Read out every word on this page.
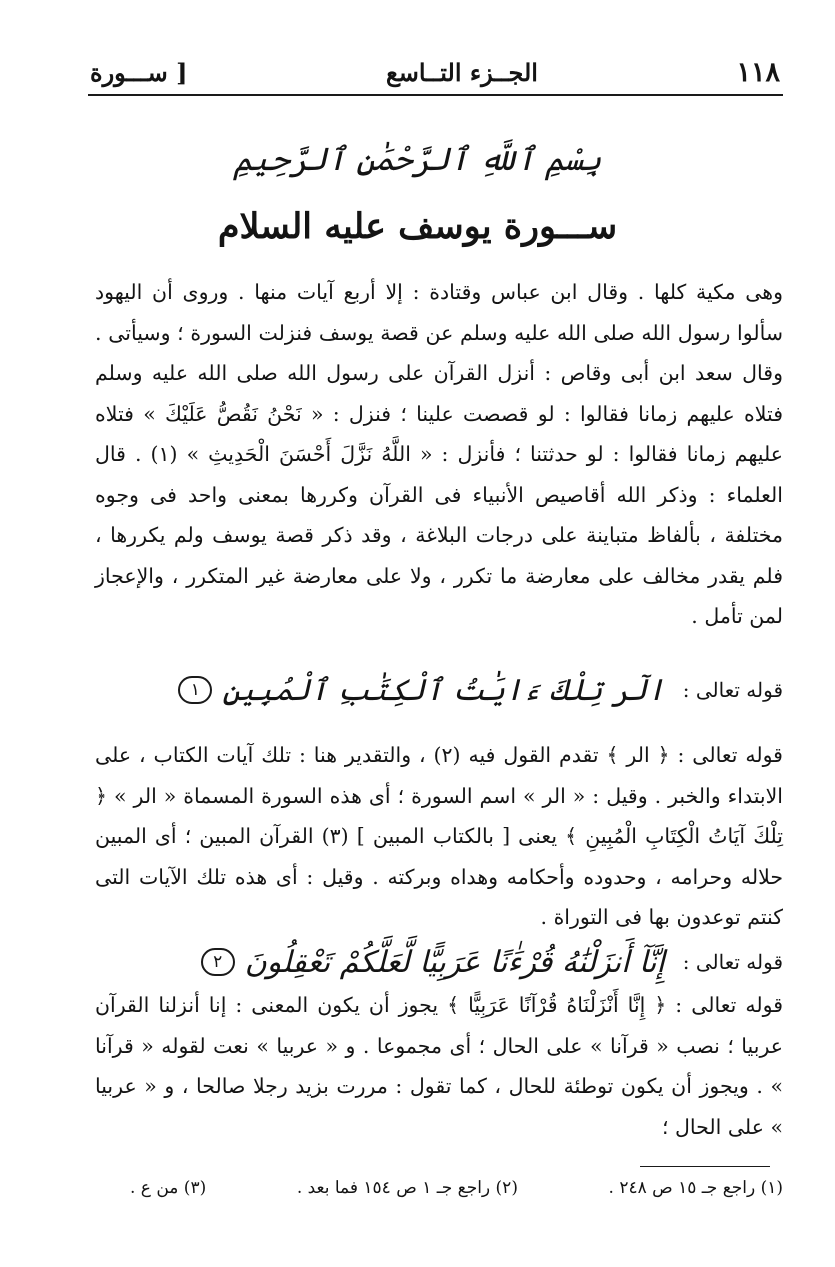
١١٨
الجــزء التــاسع
[ ســـورة
بِسْمِ ٱللَّهِ ٱلرَّحْمَٰنِ ٱلرَّحِيمِ
ســـورة يوسف عليه السلام
وهى مكية كلها . وقال ابن عباس وقتادة : إلا أربع آيات منها . وروى أن اليهود سألوا رسول الله صلى الله عليه وسلم عن قصة يوسف فنزلت السورة ؛ وسيأتى . وقال سعد ابن أبى وقاص : أنزل القرآن على رسول الله صلى الله عليه وسلم فتلاه عليهم زمانا فقالوا : لو قصصت علينا ؛ فنزل : « نَحْنُ نَقُصُّ عَلَيْكَ » فتلاه عليهم زمانا فقالوا : لو حدثتنا ؛ فأنزل : « اللَّهُ نَزَّلَ أَحْسَنَ الْحَدِيثِ » (١) . قال العلماء : وذكر الله أقاصيص الأنبياء فى القرآن وكررها بمعنى واحد فى وجوه مختلفة ، بألفاظ متباينة على درجات البلاغة ، وقد ذكر قصة يوسف ولم يكررها ، فلم يقدر مخالف على معارضة ما تكرر ، ولا على معارضة غير المتكرر ، والإعجاز لمن تأمل .
قوله تعالى :
الٓر تِلْكَ ءَايَٰتُ ٱلْكِتَٰبِ ٱلْمُبِينِ
١
قوله تعالى : ﴿ الر ﴾ تقدم القول فيه (٢) ، والتقدير هنا : تلك آيات الكتاب ، على الابتداء والخبر . وقيل : « الر » اسم السورة ؛ أى هذه السورة المسماة « الر » ﴿ تِلْكَ آيَاتُ الْكِتَابِ الْمُبِينِ ﴾ يعنى [ بالكتاب المبين ] (٣) القرآن المبين ؛ أى المبين حلاله وحرامه ، وحدوده وأحكامه وهداه وبركته . وقيل : أى هذه تلك الآيات التى كنتم توعدون بها فى التوراة .
قوله تعالى :
إِنَّآ أَنزَلْنَٰهُ قُرْءَٰنًا عَرَبِيًّا لَّعَلَّكُمْ تَعْقِلُونَ
٢
قوله تعالى : ﴿ إِنَّا أَنْزَلْنَاهُ قُرْآنًا عَرَبِيًّا ﴾ يجوز أن يكون المعنى : إنا أنزلنا القرآن عربيا ؛ نصب « قرآنا » على الحال ؛ أى مجموعا . و « عربيا » نعت لقوله « قرآنا » . ويجوز أن يكون توطئة للحال ، كما تقول : مررت بزيد رجلا صالحا ، و « عربيا » على الحال ؛
(١) راجع جـ ١٥ ص ٢٤٨ .
(٢) راجع جـ ١ ص ١٥٤ فما بعد .
(٣) من ع .
